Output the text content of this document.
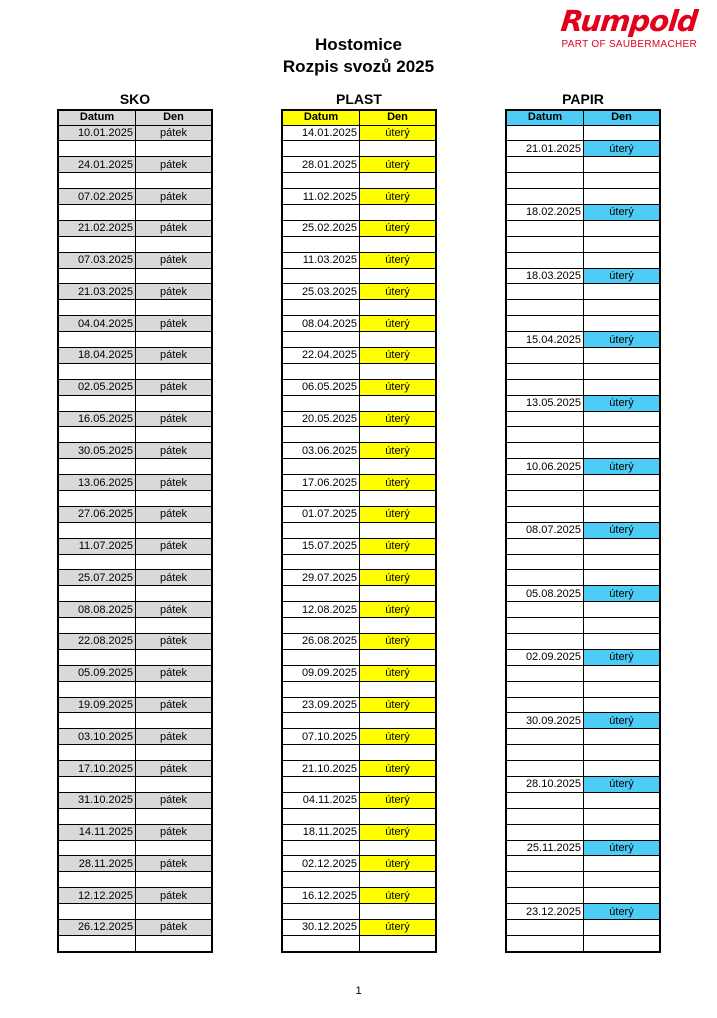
Rumpold
PART OF SAUBERMACHER
Hostomice
Rozpis svozů 2025
SKO
Datum	Den
10.01.2025	pátek

24.01.2025	pátek

07.02.2025	pátek

21.02.2025	pátek

07.03.2025	pátek

21.03.2025	pátek

04.04.2025	pátek

18.04.2025	pátek

02.05.2025	pátek

16.05.2025	pátek

30.05.2025	pátek

13.06.2025	pátek

27.06.2025	pátek

11.07.2025	pátek

25.07.2025	pátek

08.08.2025	pátek

22.08.2025	pátek

05.09.2025	pátek

19.09.2025	pátek

03.10.2025	pátek

17.10.2025	pátek

31.10.2025	pátek

14.11.2025	pátek

28.11.2025	pátek

12.12.2025	pátek

26.12.2025	pátek

PLAST
Datum	Den
14.01.2025	úterý

28.01.2025	úterý

11.02.2025	úterý

25.02.2025	úterý

11.03.2025	úterý

25.03.2025	úterý

08.04.2025	úterý

22.04.2025	úterý

06.05.2025	úterý

20.05.2025	úterý

03.06.2025	úterý

17.06.2025	úterý

01.07.2025	úterý

15.07.2025	úterý

29.07.2025	úterý

12.08.2025	úterý

26.08.2025	úterý

09.09.2025	úterý

23.09.2025	úterý

07.10.2025	úterý

21.10.2025	úterý

04.11.2025	úterý

18.11.2025	úterý

02.12.2025	úterý

16.12.2025	úterý

30.12.2025	úterý

PAPIR
Datum	Den

21.01.2025	úterý

18.02.2025	úterý

18.03.2025	úterý

15.04.2025	úterý

13.05.2025	úterý

10.06.2025	úterý

08.07.2025	úterý

05.08.2025	úterý

02.09.2025	úterý

30.09.2025	úterý

28.10.2025	úterý

25.11.2025	úterý

23.12.2025	úterý

1
